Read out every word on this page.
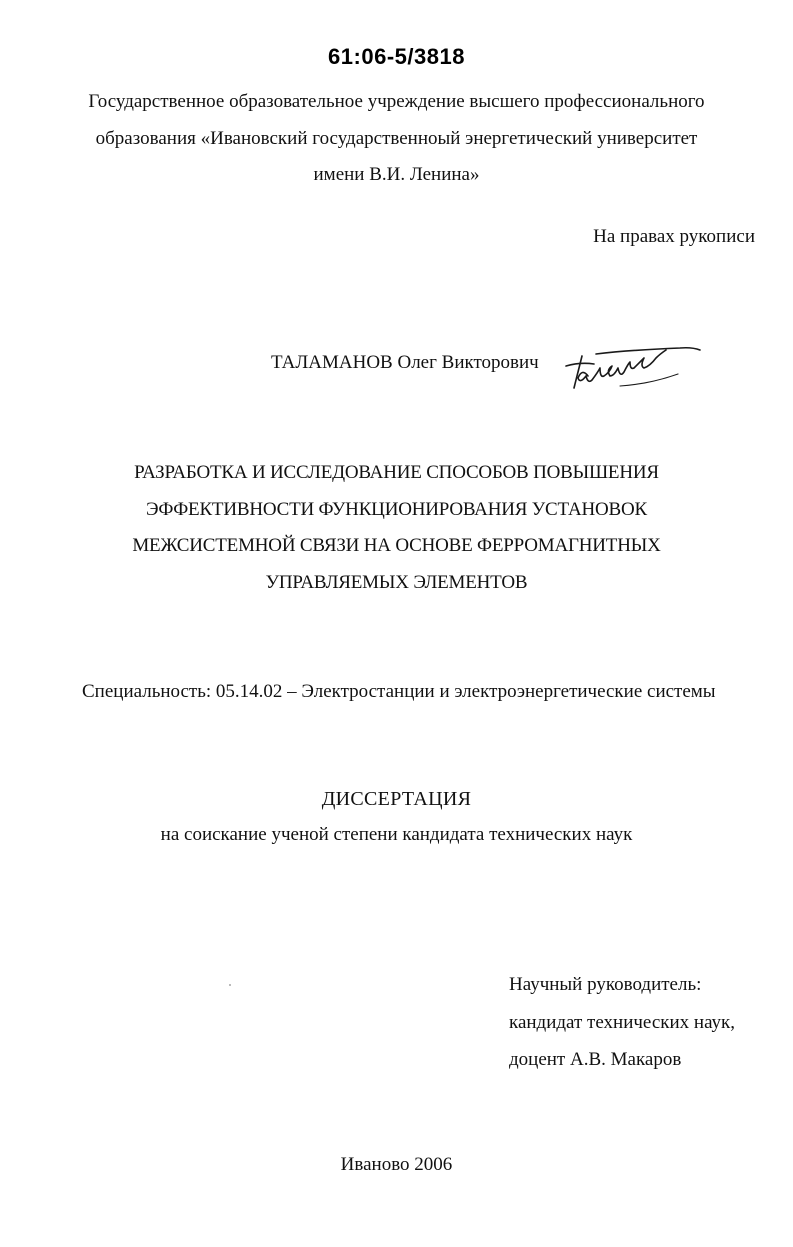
61:06-5/3818
Государственное образовательное учреждение высшего профессионального
образования «Ивановский государственноый энергетический университет
имени В.И. Ленина»
На правах рукописи
ТАЛАМАНОВ Олег Викторович
РАЗРАБОТКА И ИССЛЕДОВАНИЕ СПОСОБОВ ПОВЫШЕНИЯ
ЭФФЕКТИВНОСТИ ФУНКЦИОНИРОВАНИЯ УСТАНОВОК
МЕЖСИСТЕМНОЙ СВЯЗИ НА ОСНОВЕ ФЕРРОМАГНИТНЫХ
УПРАВЛЯЕМЫХ ЭЛЕМЕНТОВ
Специальность: 05.14.02 – Электростанции и электроэнергетические системы
ДИССЕРТАЦИЯ
на соискание ученой степени кандидата технических наук
Научный руководитель:
кандидат технических наук,
доцент А.В. Макаров
Иваново 2006
